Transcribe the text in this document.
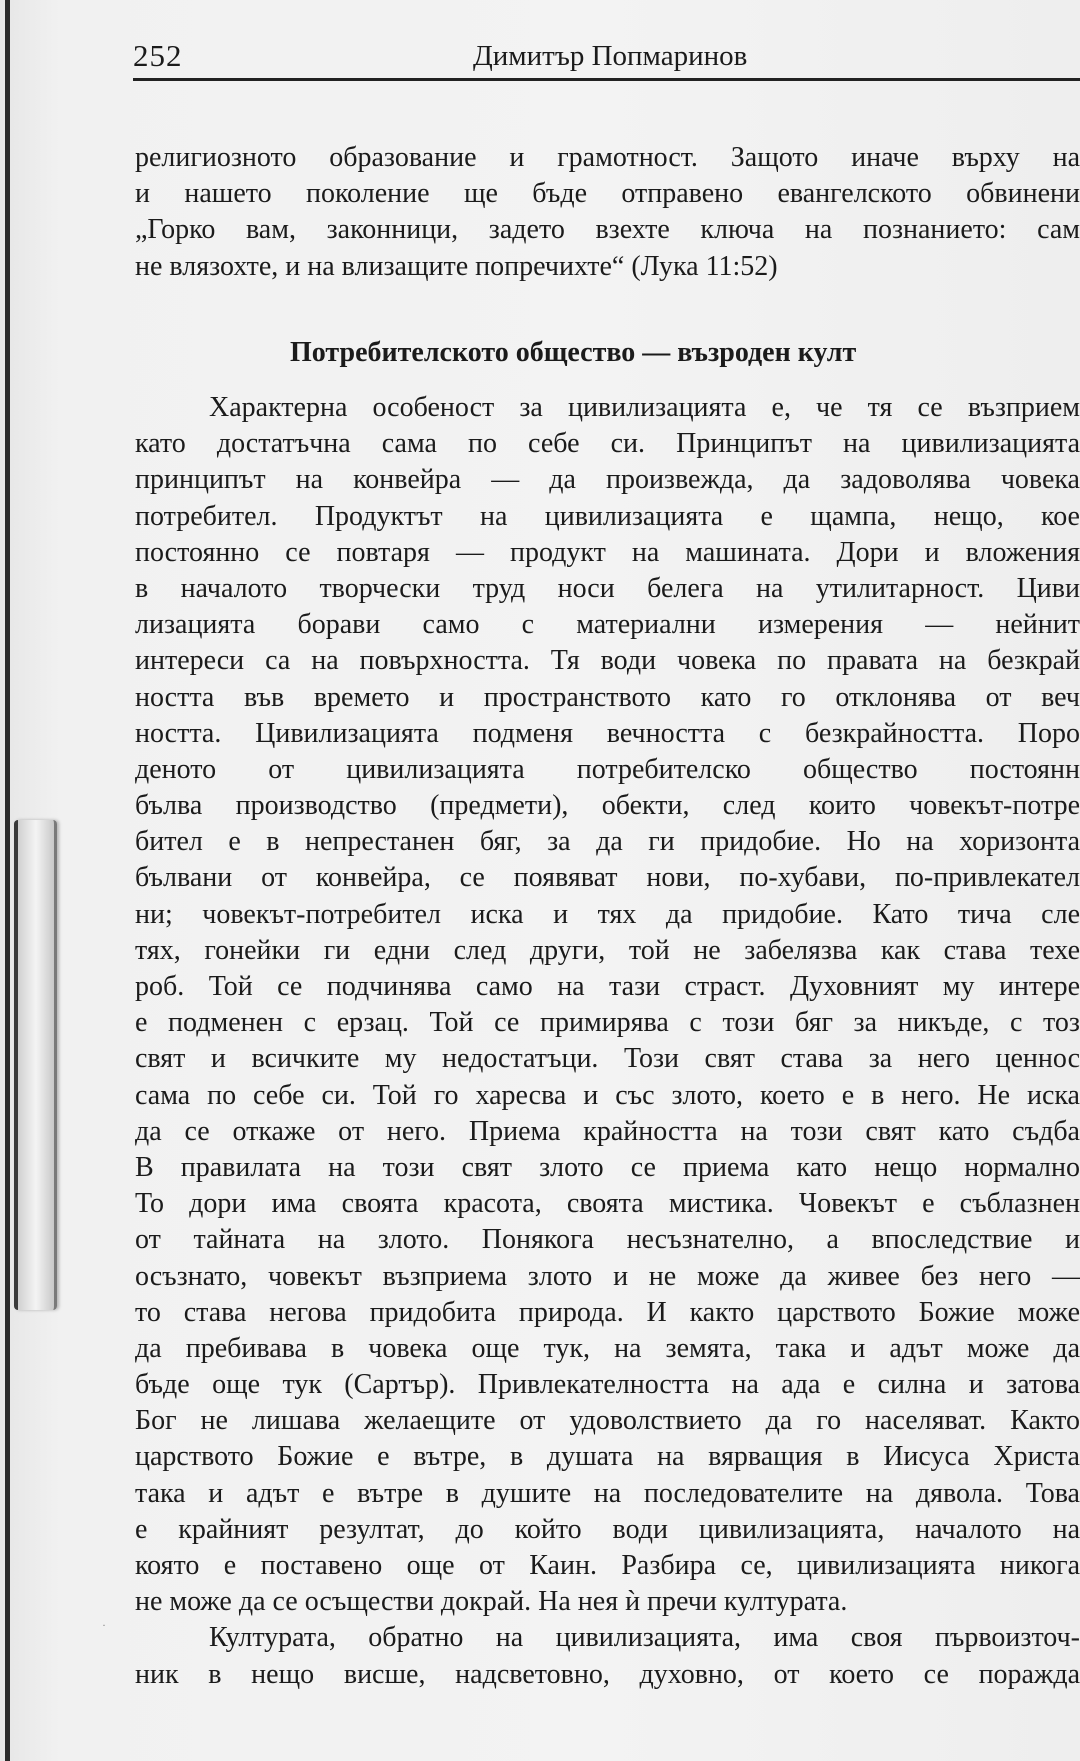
252	Димитър Попмаринов
религиозното образование и грамотност. Защото иначе върху на
и нашето поколение ще бъде отправено евангелското обвинени
„Горко вам, законници, задето взехте ключа на познанието: сам
не влязохте, и на влизащите попречихте“ (Лука 11:52)
Потребителското общество — възроден култ
Характерна особеност за цивилизацията е, че тя се възприем
като достатъчна сама по себе си. Принципът на цивилизацията
принципът на конвейра — да произвежда, да задоволява човека
потребител. Продуктът на цивилизацията е щампа, нещо, кое
постоянно се повтаря — продукт на машината. Дори и вложения
в началото творчески труд носи белега на утилитарност. Циви
лизацията борави само с материални измерения — нейнит
интереси са на повърхността. Тя води човека по правата на безкрай
ността във времето и пространството като го отклонява от веч
ността. Цивилизацията подменя вечността с безкрайността. Поро
деното от цивилизацията потребителско общество постоянн
бълва производство (предмети), обекти, след които човекът-потре
бител е в непрестанен бяг, за да ги придобие. Но на хоризонта
бълвани от конвейра, се появяват нови, по-хубави, по-привлекател
ни; човекът-потребител иска и тях да придобие. Като тича сле
тях, гонейки ги едни след други, той не забелязва как става техе
роб. Той се подчинява само на тази страст. Духовният му интере
е подменен с ерзац. Той се примирява с този бяг за никъде, с тоз
свят и всичките му недостатъци. Този свят става за него ценнос
сама по себе си. Той го харесва и със злото, което е в него. Не иска
да се откаже от него. Приема крайността на този свят като съдба
В правилата на този свят злото се приема като нещо нормално
То дори има своята красота, своята мистика. Човекът е съблазнен
от тайната на злото. Понякога несъзнателно, а впоследствие и
осъзнато, човекът възприема злото и не може да живее без него —
то става негова придобита природа. И както царството Божие може
да пребивава в човека още тук, на земята, така и адът може да
бъде още тук (Сартър). Привлекателността на ада е силна и затова
Бог не лишава желаещите от удоволствието да го населяват. Както
царството Божие е вътре, в душата на вярващия в Иисуса Христа
така и адът е вътре в душите на последователите на дявола. Това
е крайният резултат, до който води цивилизацията, началото на
която е поставено още от Каин. Разбира се, цивилизацията никога
не може да се осъществи докрай. На нея ѝ пречи културата.
Културата, обратно на цивилизацията, има своя първоизточ-
ник в нещо висше, надсветовно, духовно, от което се поражда
·
